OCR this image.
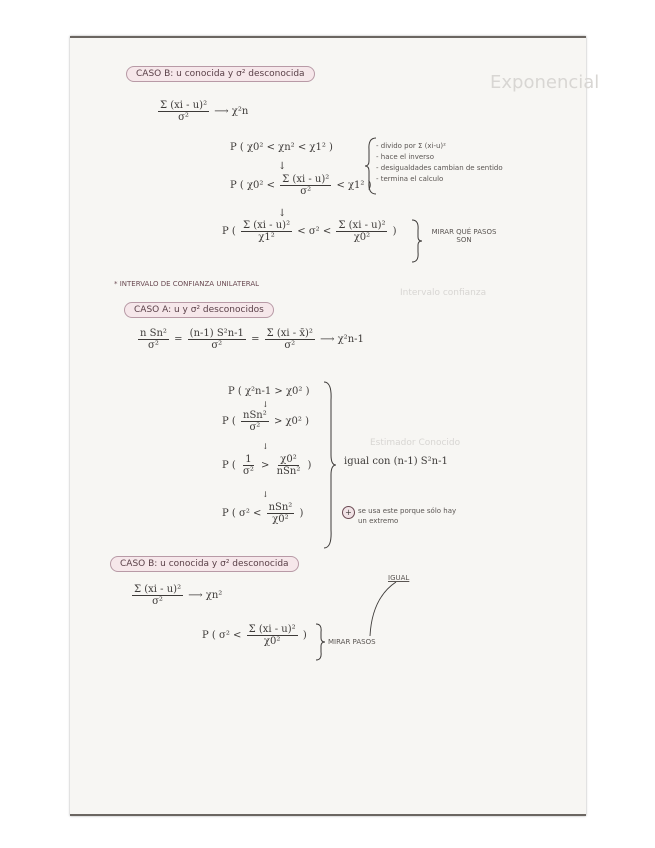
Exponencial
Intervalo confianza
Estimador Conocido
CASO B: u conocida y σ² desconocida
$\frac{\text{Σ (xi - u)²}}{\text{σ²}}$ ⟶ χ²n
P ( χ0² < χn² < χ1² )
↓
P ( $\chi 0^2 < \frac{\text{Σ (xi - u)²}}{\text{σ²}} < \chi 1^2$ )
↓
P ( $\frac{\text{Σ (xi - u)²}}{\text{χ1²}} < \sigma^2 < \frac{\text{Σ (xi - u)²}}{\text{χ0²}}$ )
- divido por Σ (xi-u)²
- hace el inverso
- desigualdades cambian de sentido
- termina el calculo
MIRAR QUÉ PASOS SON
* INTERVALO DE CONFIANZA UNILATERAL
CASO A: u y σ² desconocidos
$\frac{\text{n Sn²}}{\text{σ²}} = \frac{\text{(n-1) S²n-1}}{\text{σ²}} = \frac{\text{Σ (xi - x̄)²}}{\text{σ²}}$ ⟶ χ²n-1
P ( χ²n-1 > χ0² )
↓
P ( $\frac{\text{nSn²}}{\text{σ²}} > \chi 0^2$ )
↓
P ( $\frac{1}{\text{σ²}} > \frac{\text{χ0²}}{\text{nSn²}}$ )
↓
P ( $\sigma^2 < \frac{\text{nSn²}}{\text{χ0²}}$ )
igual con (n-1) S²n-1
+ se usa este porque sólo hay un extremo
CASO B: u conocida y σ² desconocida
$\frac{\text{Σ (xi - u)²}}{\text{σ²}}$ ⟶ χn²
P ( $\sigma^2 < \frac{\text{Σ (xi - u)²}}{\text{χ0²}}$ )
MIRAR PASOS
IGUAL
